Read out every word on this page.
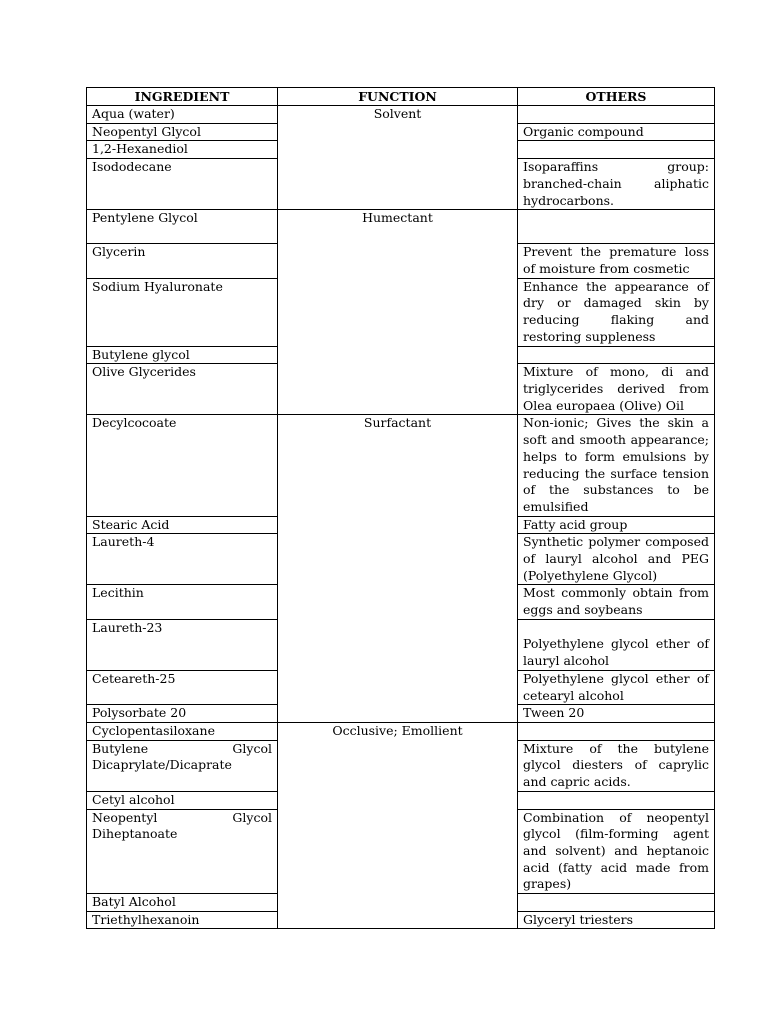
INGREDIENT	FUNCTION	OTHERS
Aqua (water)	Solvent	
Neopentyl Glycol		Organic compound
1,2-Hexanediol		
Isododecane		Isoparaffins group: branched-chain aliphatic hydrocarbons.
Pentylene Glycol	Humectant	
Glycerin		Prevent the premature loss of moisture from cosmetic
Sodium Hyaluronate		Enhance the appearance of dry or damaged skin by reducing flaking and restoring suppleness
Butylene glycol		
Olive Glycerides		Mixture of mono, di and triglycerides derived from Olea europaea (Olive) Oil
Decylcocoate	Surfactant	Non-ionic; Gives the skin a soft and smooth appearance; helps to form emulsions by reducing the surface tension of the substances to be emulsified
Stearic Acid		Fatty acid group
Laureth-4		Synthetic polymer composed of lauryl alcohol and PEG (Polyethylene Glycol)
Lecithin		Most commonly obtain from eggs and soybeans
Laureth-23		Polyethylene glycol ether of lauryl alcohol
Ceteareth-25		Polyethylene glycol ether of cetearyl alcohol
Polysorbate 20		Tween 20
Cyclopentasiloxane	Occlusive; Emollient	
Butylene Glycol Dicaprylate/Dicaprate		Mixture of the butylene glycol diesters of caprylic and capric acids.
Cetyl alcohol		
Neopentyl Glycol Diheptanoate		Combination of neopentyl glycol (film-forming agent and solvent) and heptanoic acid (fatty acid made from grapes)
Batyl Alcohol		
Triethylhexanoin		Glyceryl triesters
